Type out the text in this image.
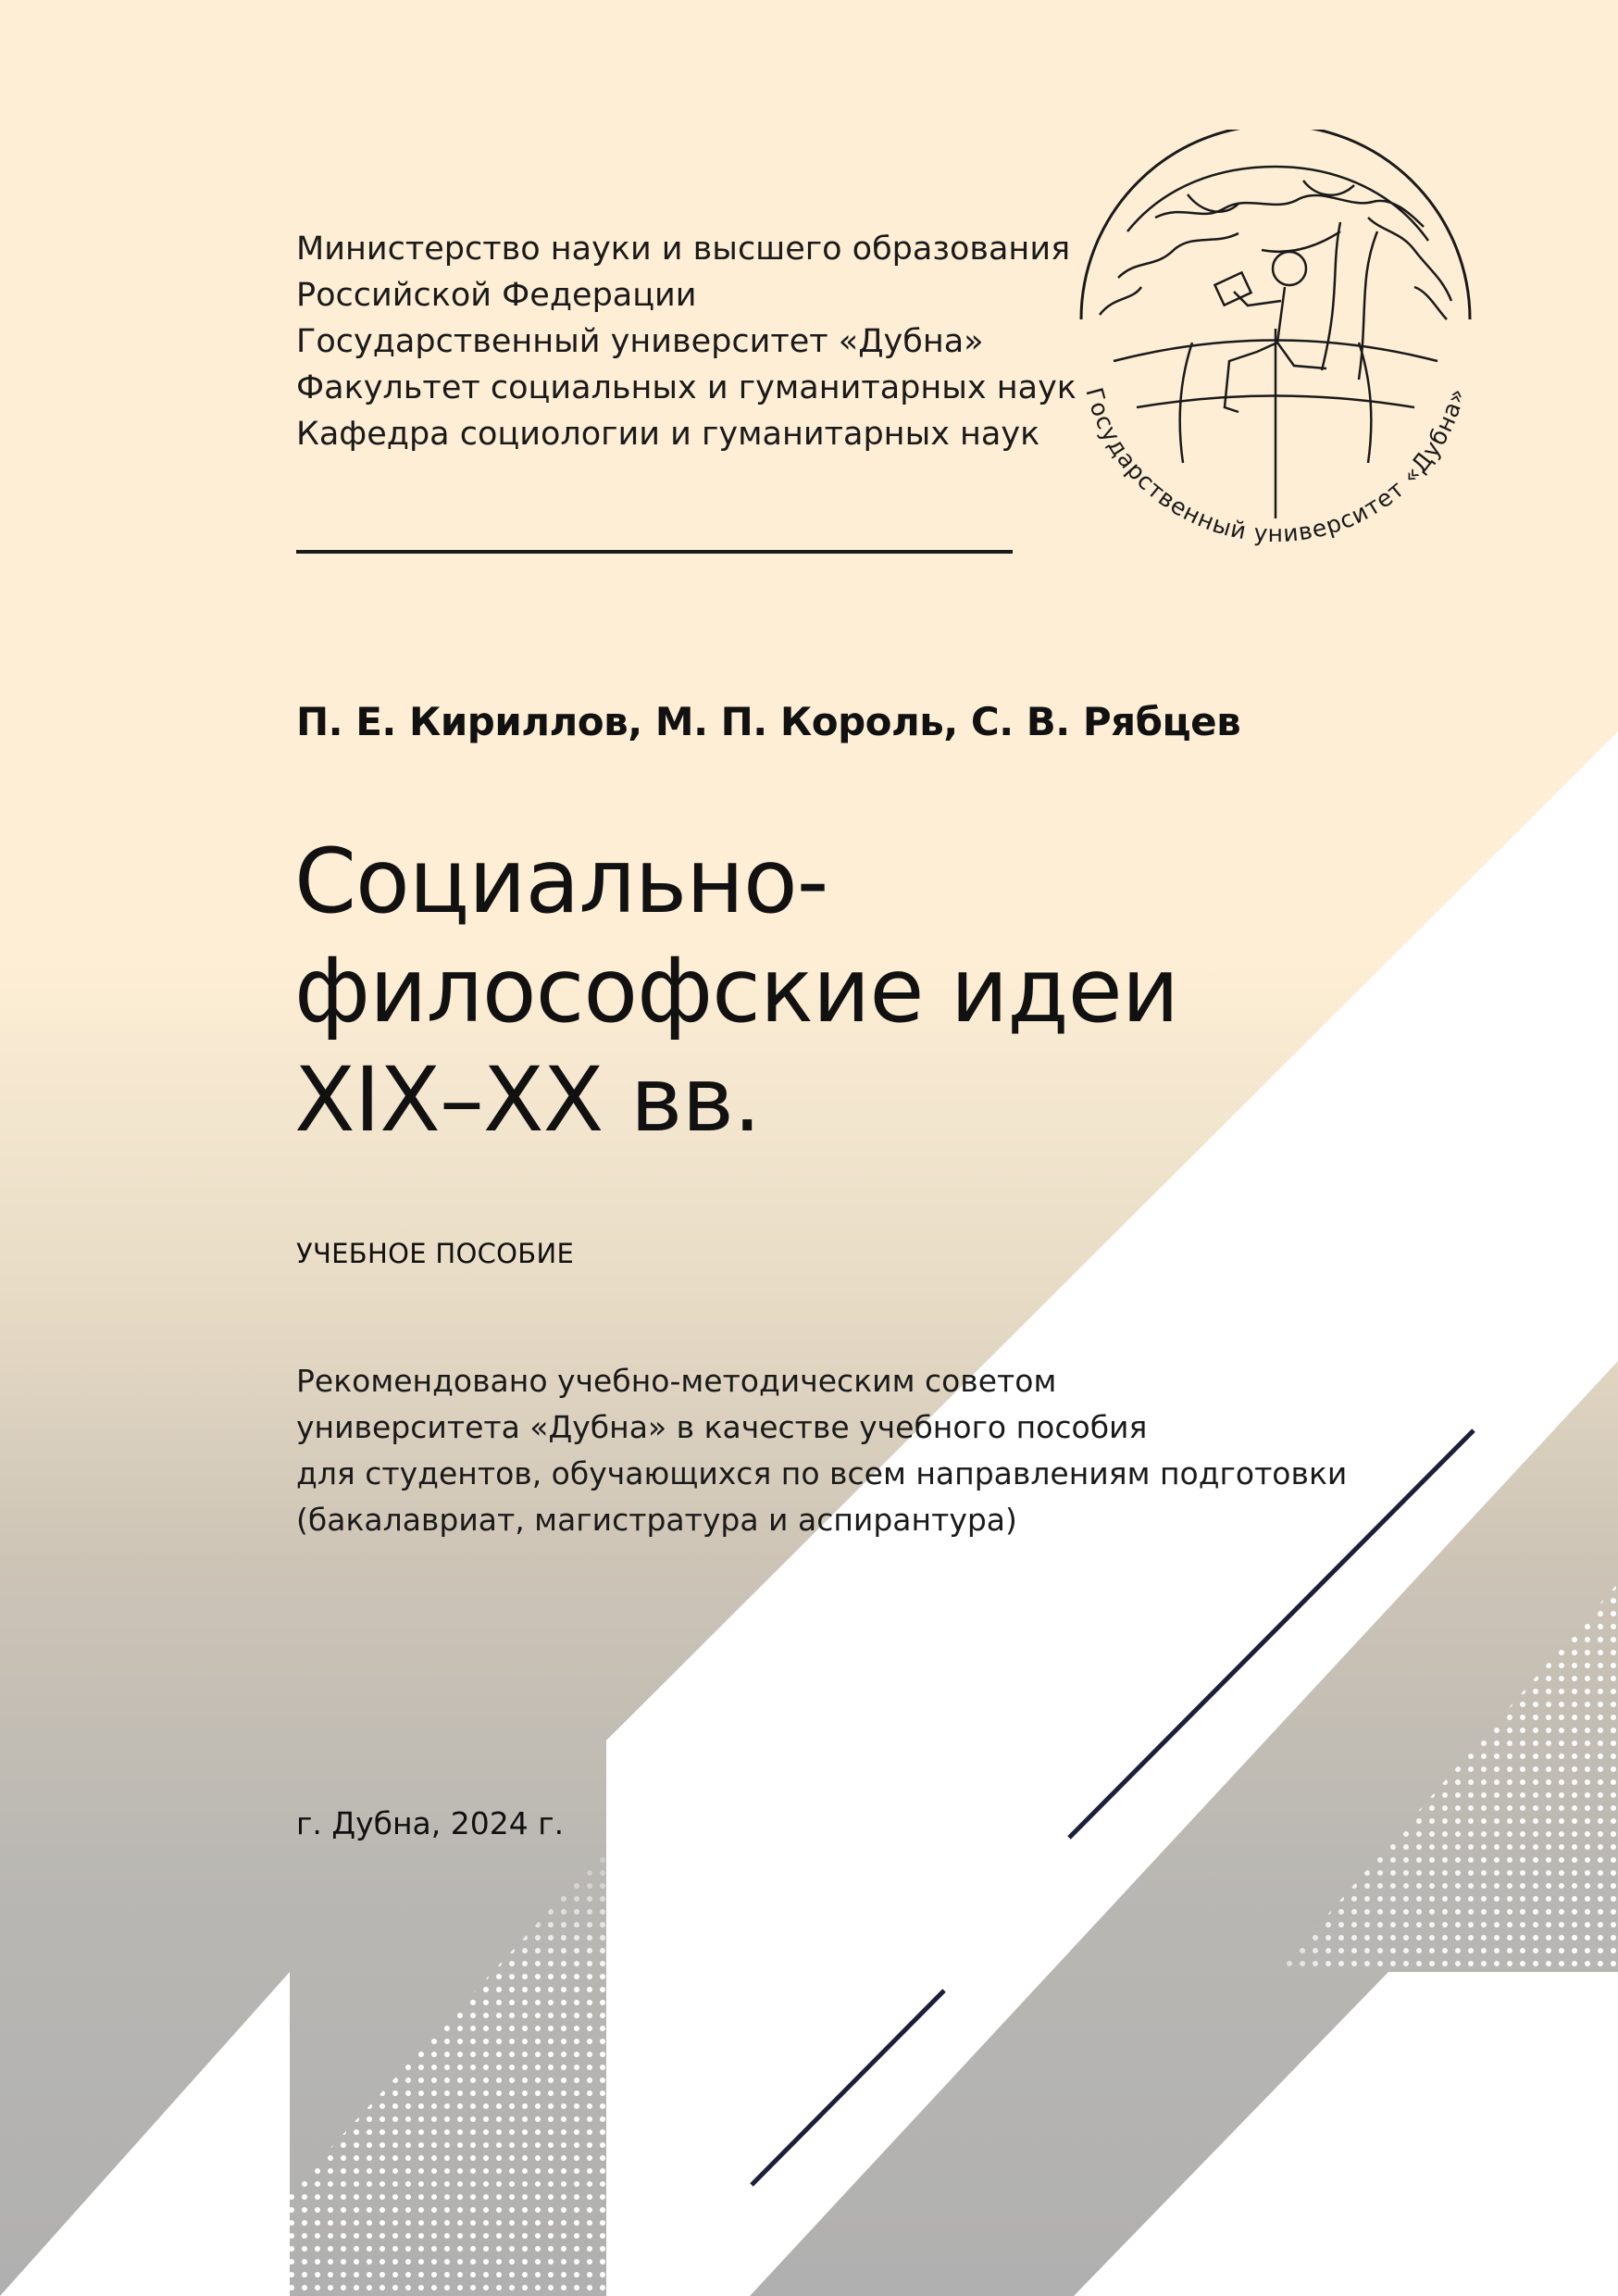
Министерство науки и высшего образования
Российской Федерации
Государственный университет «Дубна»
Факультет социальных и гуманитарных наук
Кафедра социологии и гуманитарных наук
Государственный университет «Дубна»
П. Е. Кириллов, М. П. Король, С. В. Рябцев
Социально-
философские идеи
XIX–XX вв.
УЧЕБНОЕ ПОСОБИЕ
Рекомендовано учебно-методическим советом
университета «Дубна» в качестве учебного пособия
для студентов, обучающихся по всем направлениям подготовки
(бакалавриат, магистратура и аспирантура)
г. Дубна, 2024 г.
